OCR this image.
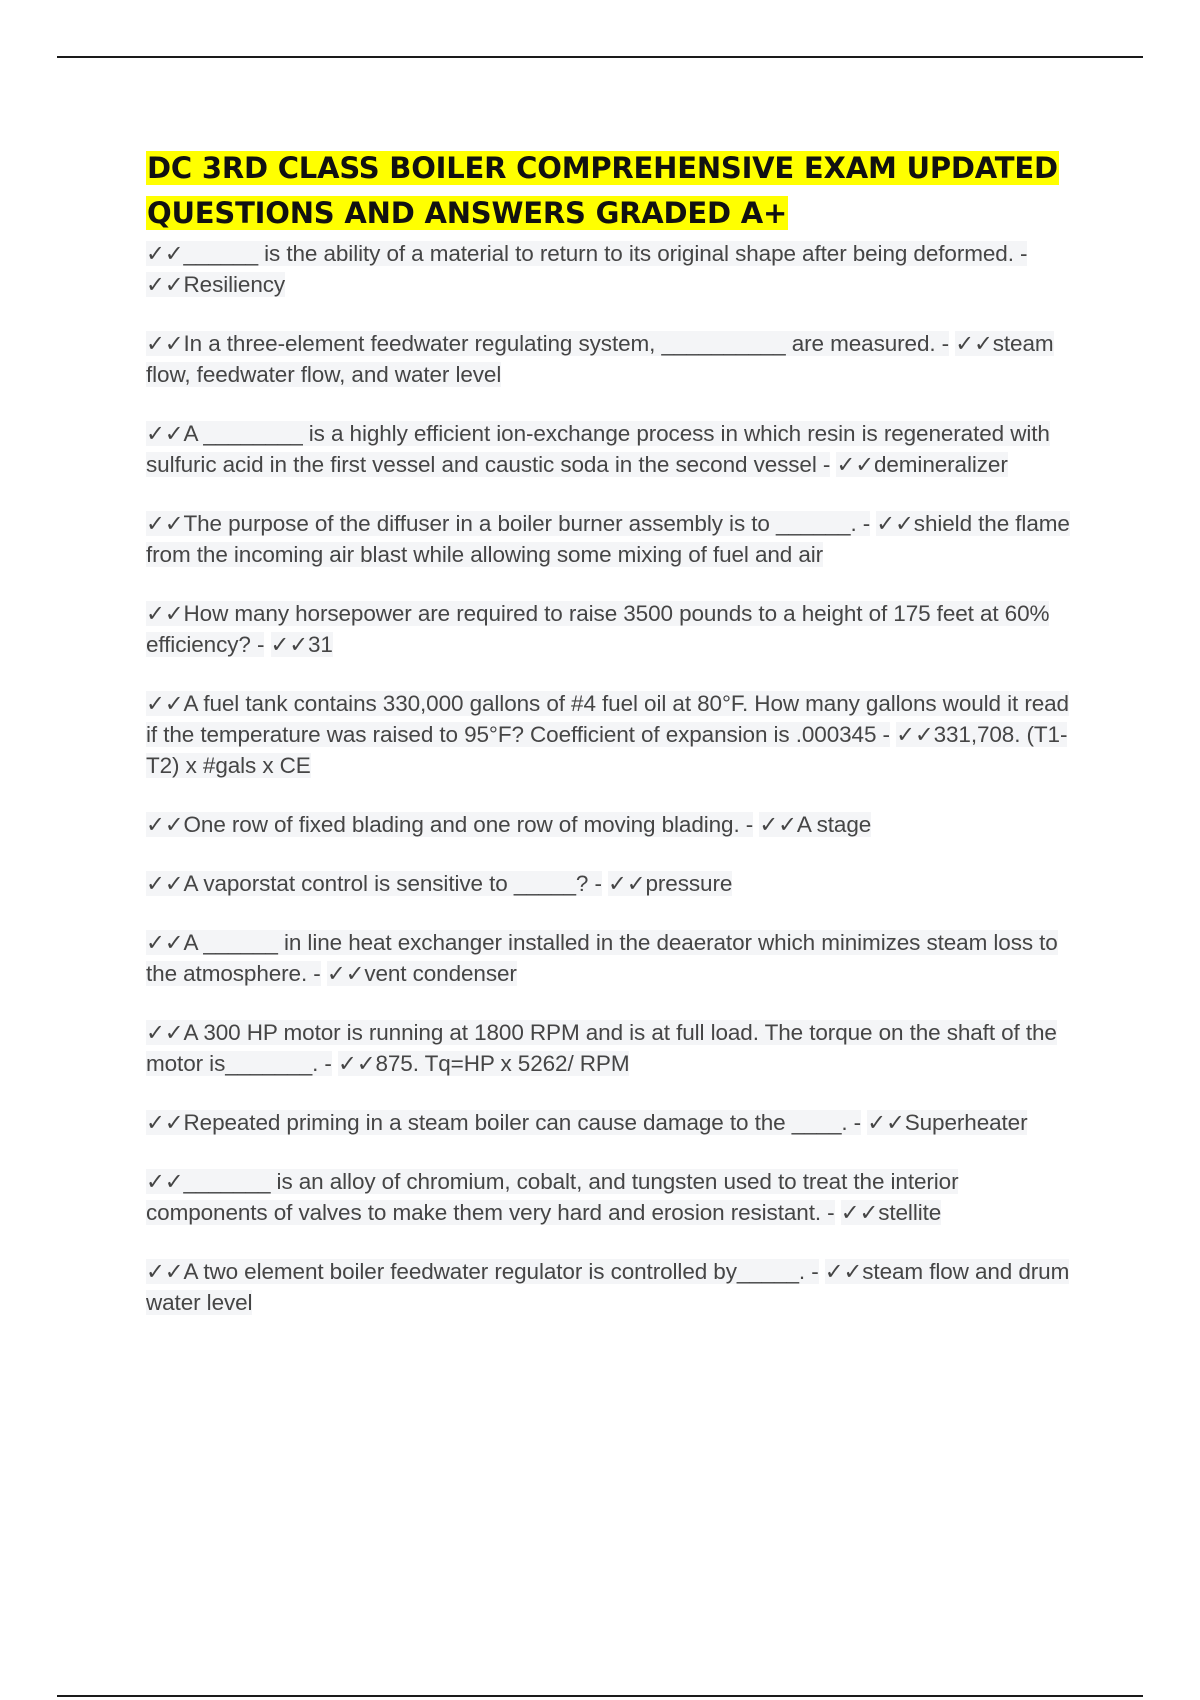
DC 3RD CLASS BOILER COMPREHENSIVE EXAM UPDATED QUESTIONS AND ANSWERS GRADED A+

✓✓______ is the ability of a material to return to its original shape after being deformed. - ✓✓Resiliency

✓✓In a three-element feedwater regulating system, __________ are measured. - ✓✓steam flow, feedwater flow, and water level

✓✓A ________ is a highly efficient ion-exchange process in which resin is regenerated with sulfuric acid in the first vessel and caustic soda in the second vessel - ✓✓demineralizer

✓✓The purpose of the diffuser in a boiler burner assembly is to ______. - ✓✓shield the flame from the incoming air blast while allowing some mixing of fuel and air

✓✓How many horsepower are required to raise 3500 pounds to a height of 175 feet at 60% efficiency? - ✓✓31

✓✓A fuel tank contains 330,000 gallons of #4 fuel oil at 80°F. How many gallons would it read if the temperature was raised to 95°F? Coefficient of expansion is .000345 - ✓✓331,708. (T1-T2) x #gals x CE

✓✓One row of fixed blading and one row of moving blading. - ✓✓A stage

✓✓A vaporstat control is sensitive to _____? - ✓✓pressure

✓✓A ______ in line heat exchanger installed in the deaerator which minimizes steam loss to the atmosphere. - ✓✓vent condenser

✓✓A 300 HP motor is running at 1800 RPM and is at full load. The torque on the shaft of the motor is_______. - ✓✓875. Tq=HP x 5262/ RPM

✓✓Repeated priming in a steam boiler can cause damage to the ____. - ✓✓Superheater

✓✓_______ is an alloy of chromium, cobalt, and tungsten used to treat the interior components of valves to make them very hard and erosion resistant. - ✓✓stellite

✓✓A two element boiler feedwater regulator is controlled by_____. - ✓✓steam flow and drum water level
